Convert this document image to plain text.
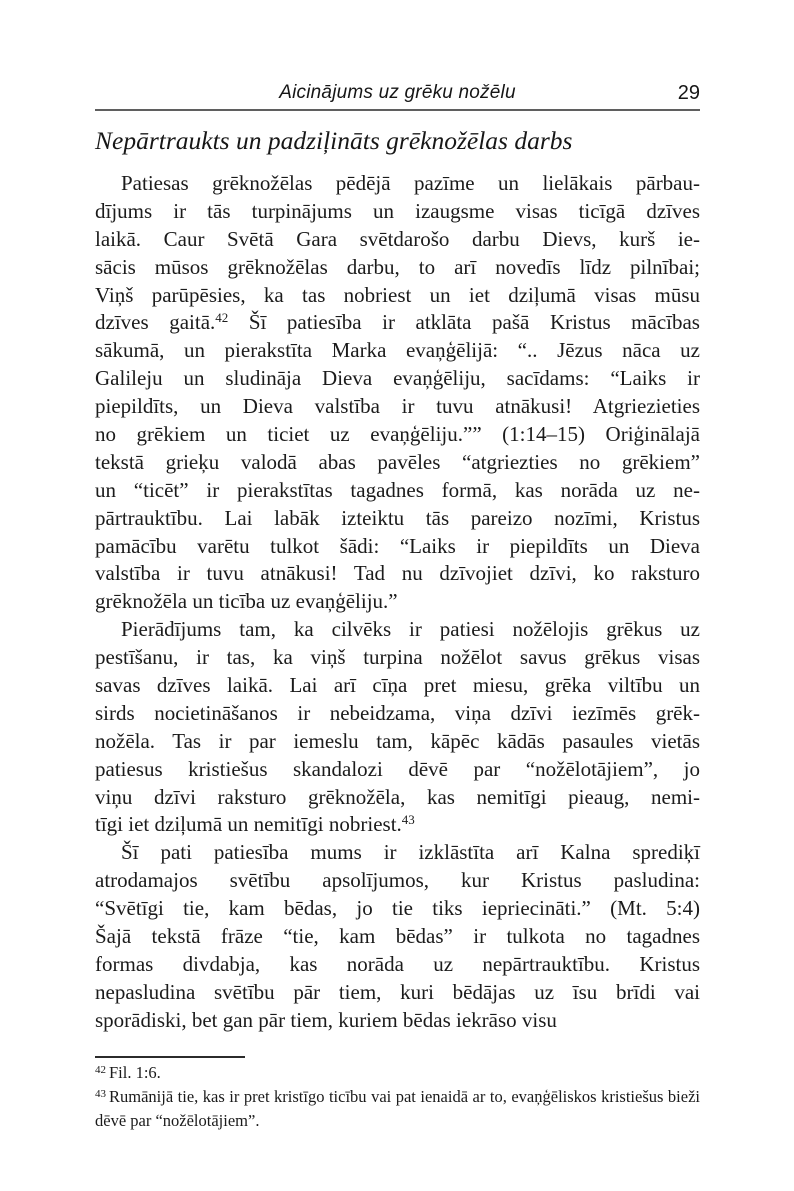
Aicinājums uz grēku nožēlu	29
Nepārtraukts un padziļināts grēknožēlas darbs
Patiesas grēknožēlas pēdējā pazīme un lielākais pārbau-
dījums ir tās turpinājums un izaugsme visas ticīgā dzīves
laikā. Caur Svētā Gara svētdarošo darbu Dievs, kurš ie-
sācis mūsos grēknožēlas darbu, to arī novedīs līdz pilnībai;
Viņš parūpēsies, ka tas nobriest un iet dziļumā visas mūsu
dzīves gaitā.$^{42}$ Šī patiesība ir atklāta pašā Kristus mācības
sākumā, un pierakstīta Marka evaņģēlijā: “.. Jēzus nāca uz
Galileju un sludināja Dieva evaņģēliju, sacīdams: “Laiks ir
piepildīts, un Dieva valstība ir tuvu atnākusi! Atgriezieties
no grēkiem un ticiet uz evaņģēliju.”” (1:14–15) Oriģinālajā
tekstā grieķu valodā abas pavēles “atgriezties no grēkiem”
un “ticēt” ir pierakstītas tagadnes formā, kas norāda uz ne-
pārtrauktību. Lai labāk izteiktu tās pareizo nozīmi, Kristus
pamācību varētu tulkot šādi: “Laiks ir piepildīts un Dieva
valstība ir tuvu atnākusi! Tad nu dzīvojiet dzīvi, ko raksturo
grēknožēla un ticība uz evaņģēliju.”
Pierādījums tam, ka cilvēks ir patiesi nožēlojis grēkus uz
pestīšanu, ir tas, ka viņš turpina nožēlot savus grēkus visas
savas dzīves laikā. Lai arī cīņa pret miesu, grēka viltību un
sirds nocietināšanos ir nebeidzama, viņa dzīvi iezīmēs grēk-
nožēla. Tas ir par iemeslu tam, kāpēc kādās pasaules vietās
patiesus kristiešus skandalozi dēvē par “nožēlotājiem”, jo
viņu dzīvi raksturo grēknožēla, kas nemitīgi pieaug, nemi-
tīgi iet dziļumā un nemitīgi nobriest.$^{43}$
Šī pati patiesība mums ir izklāstīta arī Kalna sprediķī
atrodamajos svētību apsolījumos, kur Kristus pasludina:
“Svētīgi tie, kam bēdas, jo tie tiks iepriecināti.” (Mt. 5:4)
Šajā tekstā frāze “tie, kam bēdas” ir tulkota no tagadnes
formas divdabja, kas norāda uz nepārtrauktību. Kristus
nepasludina svētību pār tiem, kuri bēdājas uz īsu brīdi vai
sporādiski, bet gan pār tiem, kuriem bēdas iekrāso visu
$^{42}$ Fil. 1:6.
$^{43}$ Rumānijā tie, kas ir pret kristīgo ticību vai pat ienaidā ar to, evaņģēliskos kristiešus bieži dēvē par “nožēlotājiem”.
